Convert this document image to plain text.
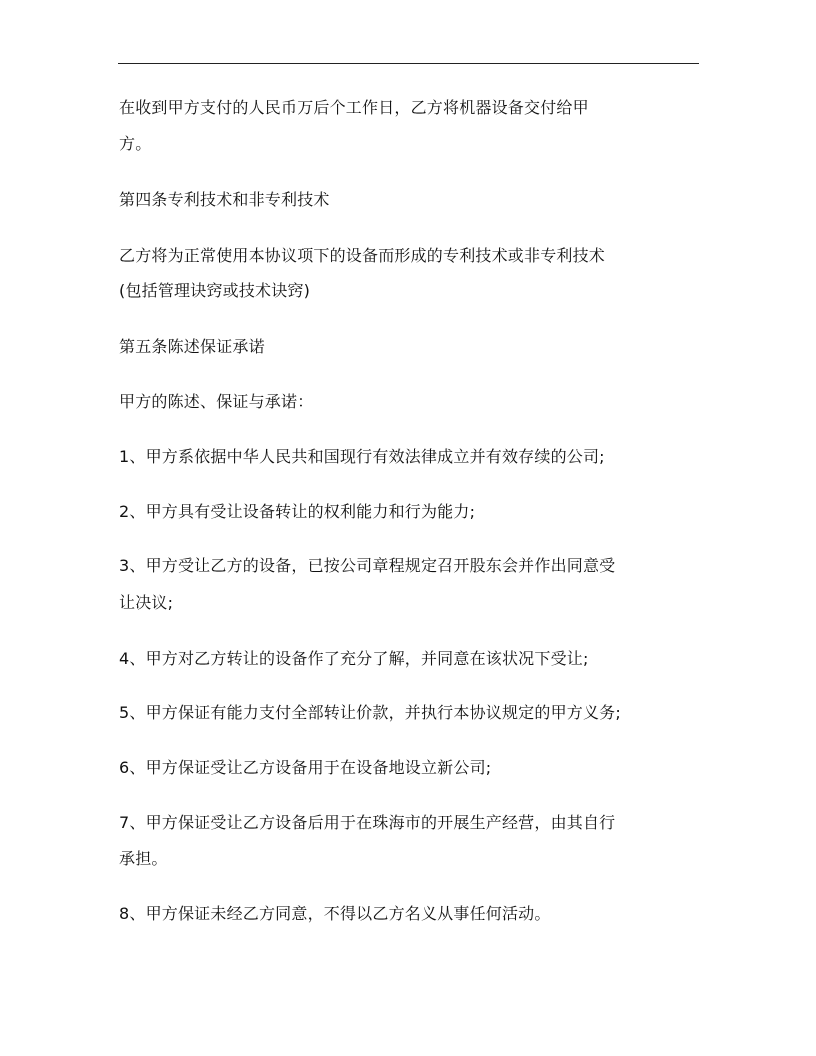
在收到甲方支付的人民币万后个工作日，乙方将机器设备交付给甲

方。

第四条专利技术和非专利技术

乙方将为正常使用本协议项下的设备而形成的专利技术或非专利技术

(包括管理诀窍或技术诀窍)

第五条陈述保证承诺

甲方的陈述、保证与承诺：

1、甲方系依据中华人民共和国现行有效法律成立并有效存续的公司;

2、甲方具有受让设备转让的权利能力和行为能力;

3、甲方受让乙方的设备，已按公司章程规定召开股东会并作出同意受

让决议;

4、甲方对乙方转让的设备作了充分了解，并同意在该状况下受让;

5、甲方保证有能力支付全部转让价款，并执行本协议规定的甲方义务;

6、甲方保证受让乙方设备用于在设备地设立新公司;

7、甲方保证受让乙方设备后用于在珠海市的开展生产经营，由其自行

承担。

8、甲方保证未经乙方同意，不得以乙方名义从事任何活动。
